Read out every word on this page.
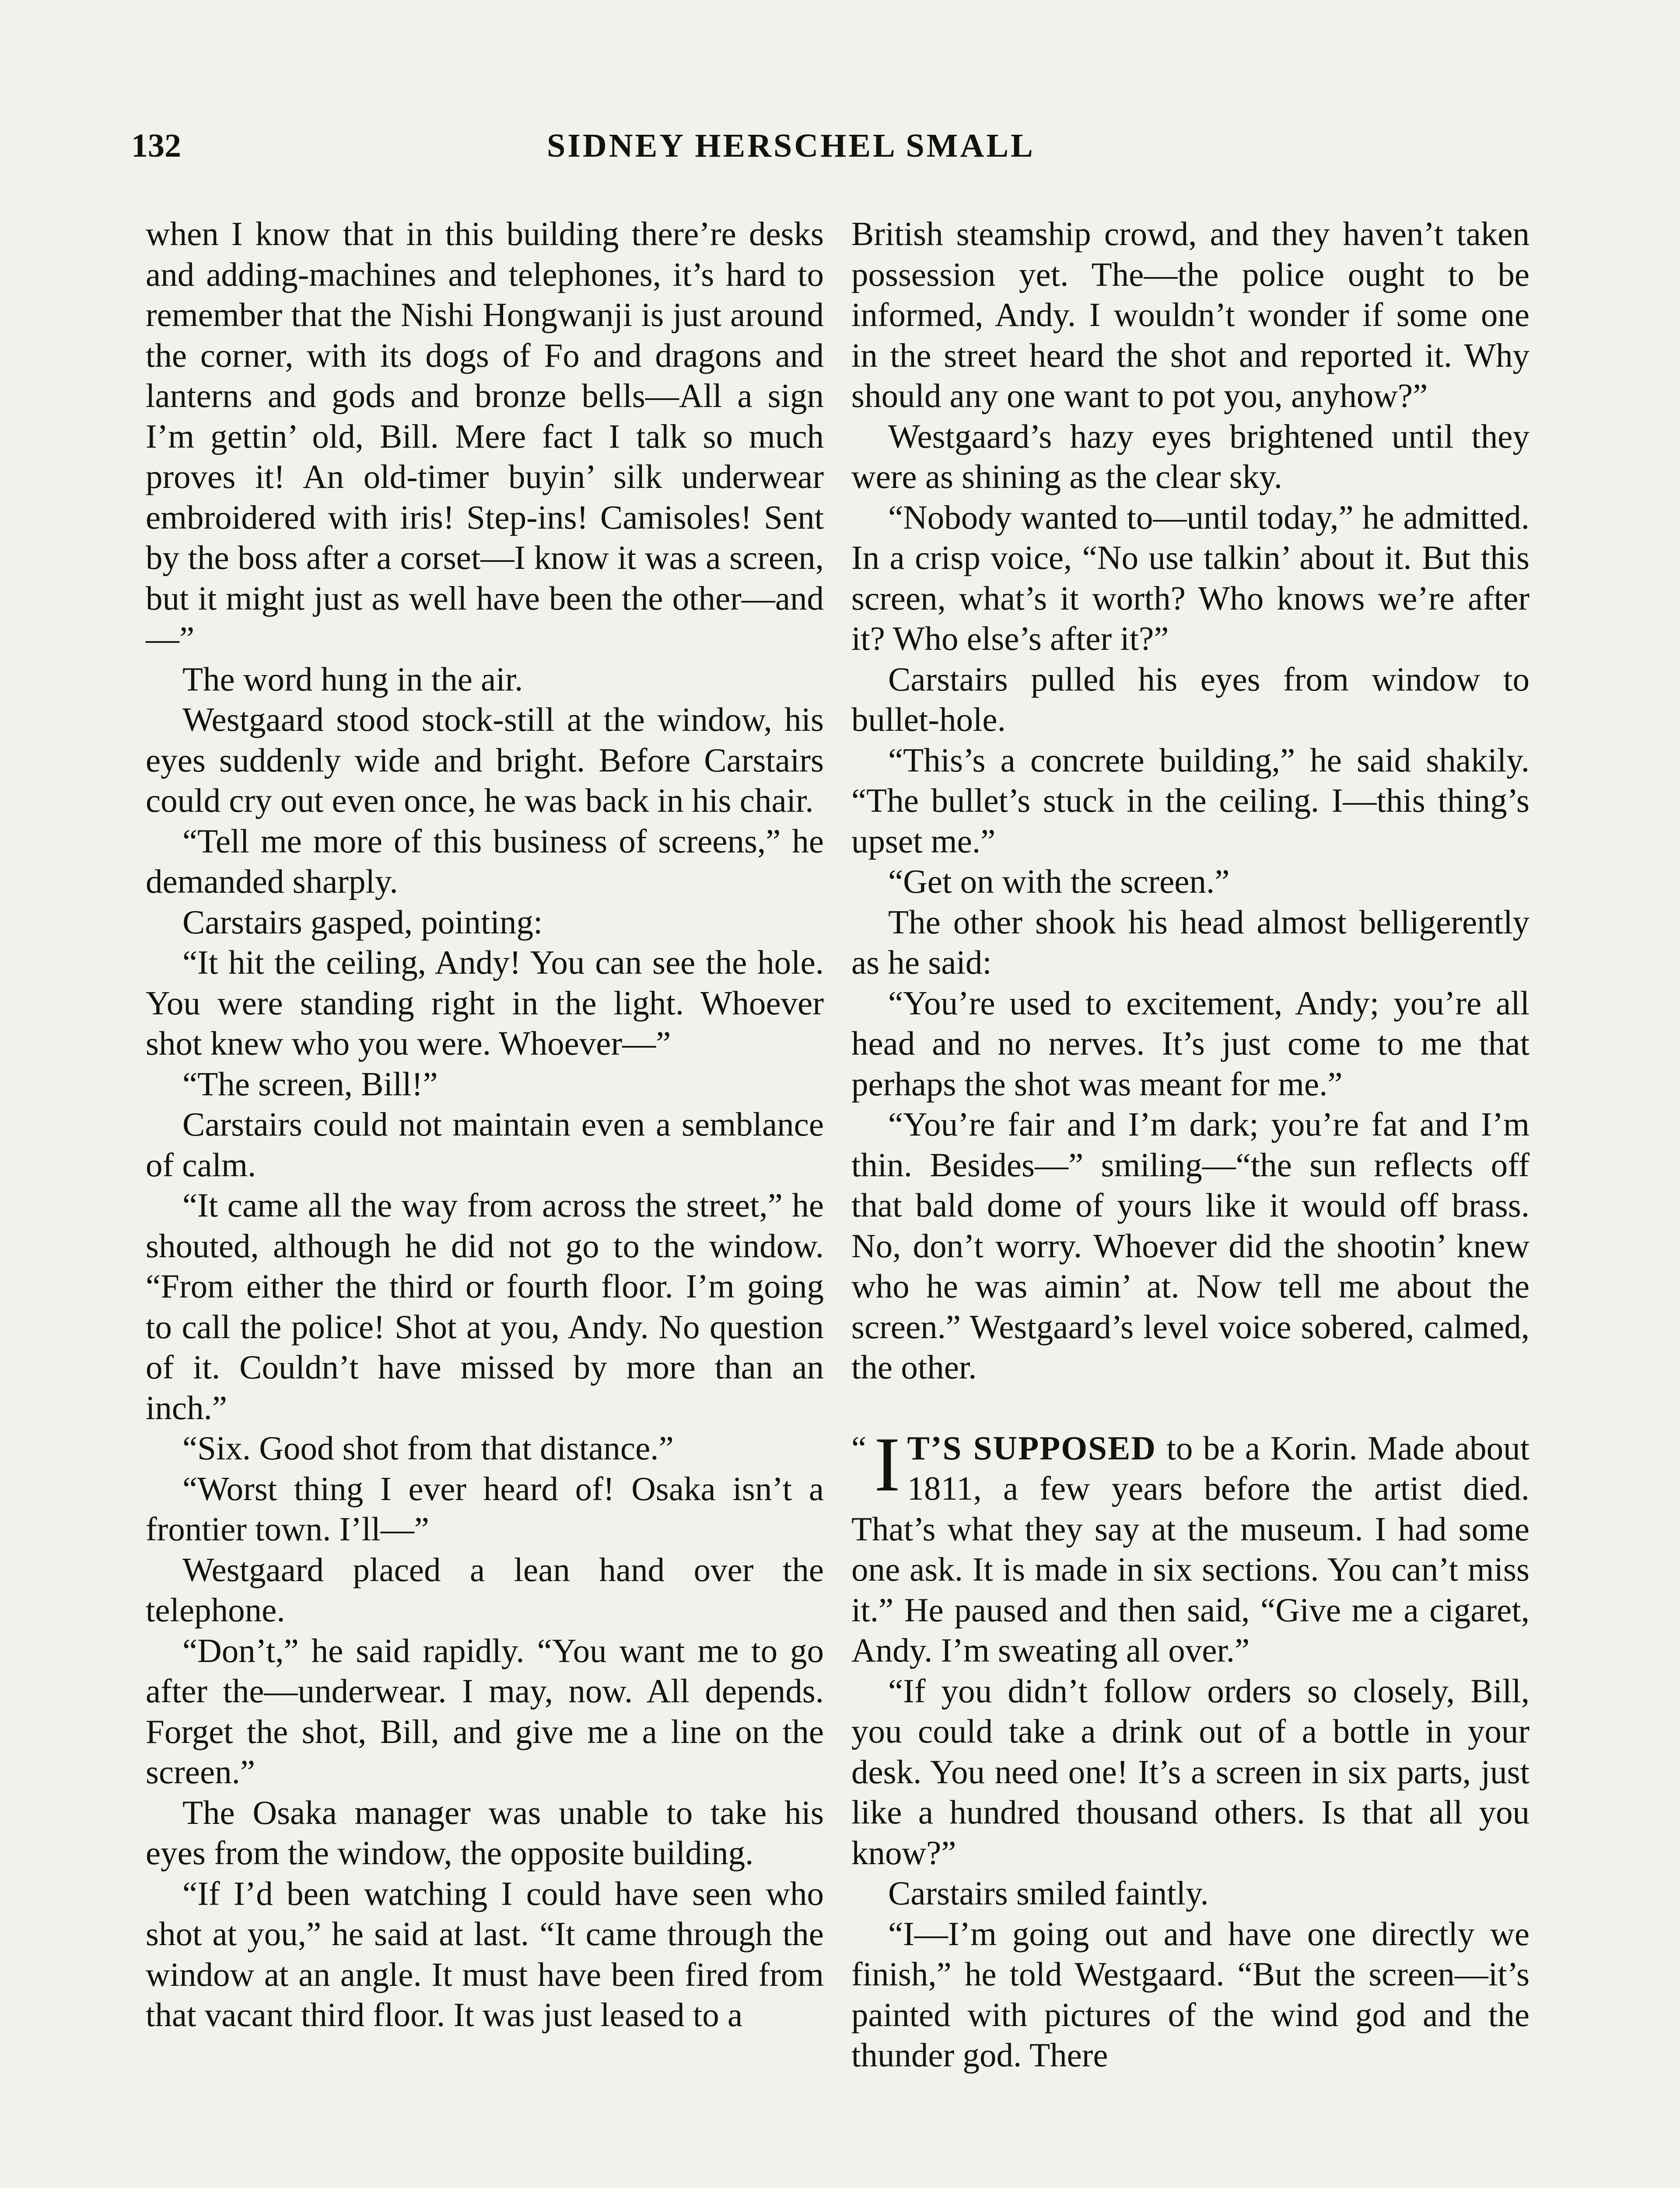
132	SIDNEY HERSCHEL SMALL

when I know that in this building there’re desks and adding-machines and telephones, it’s hard to remember that the Nishi Hongwanji is just around the corner, with its dogs of Fo and dragons and lanterns and gods and bronze bells—All a sign I’m gettin’ old, Bill. Mere fact I talk so much proves it! An old-timer buyin’ silk underwear embroidered with iris! Step-ins! Camisoles! Sent by the boss after a corset—I know it was a screen, but it might just as well have been the other—and—”

The word hung in the air.

Westgaard stood stock-still at the window, his eyes suddenly wide and bright. Before Carstairs could cry out even once, he was back in his chair.

“Tell me more of this business of screens,” he demanded sharply.

Carstairs gasped, pointing:

“It hit the ceiling, Andy! You can see the hole. You were standing right in the light. Whoever shot knew who you were. Whoever—”

“The screen, Bill!”

Carstairs could not maintain even a semblance of calm.

“It came all the way from across the street,” he shouted, although he did not go to the window. “From either the third or fourth floor. I’m going to call the police! Shot at you, Andy. No question of it. Couldn’t have missed by more than an inch.”

“Six. Good shot from that distance.”

“Worst thing I ever heard of! Osaka isn’t a frontier town. I’ll—”

Westgaard placed a lean hand over the telephone.

“Don’t,” he said rapidly. “You want me to go after the—underwear. I may, now. All depends. Forget the shot, Bill, and give me a line on the screen.”

The Osaka manager was unable to take his eyes from the window, the opposite building.

“If I’d been watching I could have seen who shot at you,” he said at last. “It came through the window at an angle. It must have been fired from that vacant third floor. It was just leased to a

British steamship crowd, and they haven’t taken possession yet. The—the police ought to be informed, Andy. I wouldn’t wonder if some one in the street heard the shot and reported it. Why should any one want to pot you, anyhow?”

Westgaard’s hazy eyes brightened until they were as shining as the clear sky.

“Nobody wanted to—until today,” he admitted. In a crisp voice, “No use talkin’ about it. But this screen, what’s it worth? Who knows we’re after it? Who else’s after it?”

Carstairs pulled his eyes from window to bullet-hole.

“This’s a concrete building,” he said shakily. “The bullet’s stuck in the ceiling. I—this thing’s upset me.”

“Get on with the screen.”

The other shook his head almost belligerently as he said:

“You’re used to excitement, Andy; you’re all head and no nerves. It’s just come to me that perhaps the shot was meant for me.”

“You’re fair and I’m dark; you’re fat and I’m thin. Besides—” smiling—“the sun reflects off that bald dome of yours like it would off brass. No, don’t worry. Whoever did the shootin’ knew who he was aimin’ at. Now tell me about the screen.” Westgaard’s level voice sobered, calmed, the other.

“ I T’S SUPPOSED to be a Korin. Made about 1811, a few years before the artist died. That’s what they say at the museum. I had some one ask. It is made in six sections. You can’t miss it.” He paused and then said, “Give me a cigaret, Andy. I’m sweating all over.”

“If you didn’t follow orders so closely, Bill, you could take a drink out of a bottle in your desk. You need one! It’s a screen in six parts, just like a hundred thousand others. Is that all you know?”

Carstairs smiled faintly.

“I—I’m going out and have one directly we finish,” he told Westgaard. “But the screen—it’s painted with pictures of the wind god and the thunder god. There
